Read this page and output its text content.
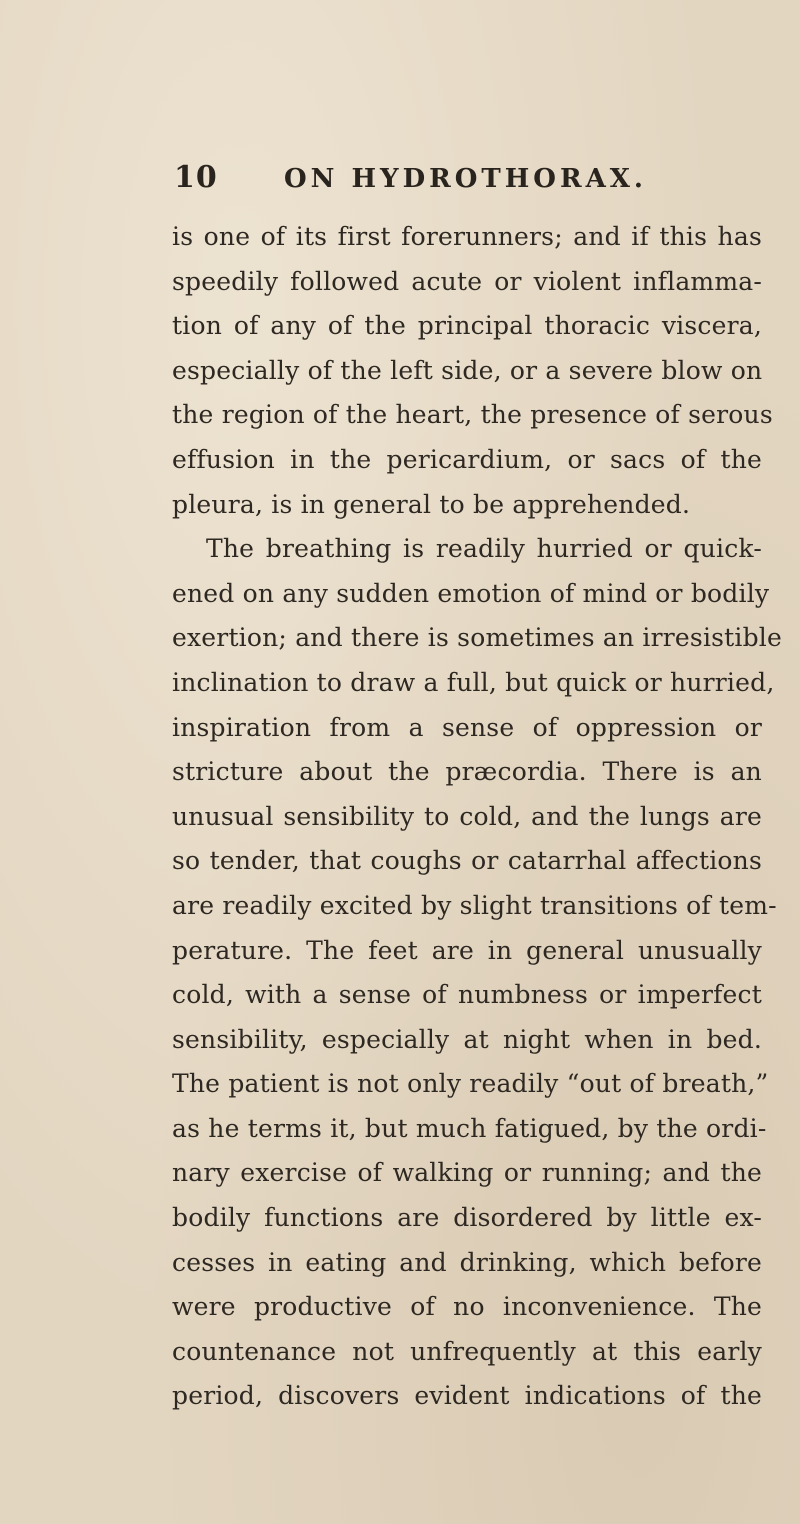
10	ON HYDROTHORAX.
is one of its first forerunners; and if this has
speedily followed acute or violent inflamma-
tion of any of the principal thoracic viscera,
especially of the left side, or a severe blow on
the region of the heart, the presence of serous
effusion in the pericardium, or sacs of the
pleura, is in general to be apprehended.
The breathing is readily hurried or quick-
ened on any sudden emotion of mind or bodily
exertion; and there is sometimes an irresistible
inclination to draw a full, but quick or hurried,
inspiration from a sense of oppression or
stricture about the præcordia. There is an
unusual sensibility to cold, and the lungs are
so tender, that coughs or catarrhal affections
are readily excited by slight transitions of tem-
perature. The feet are in general unusually
cold, with a sense of numbness or imperfect
sensibility, especially at night when in bed.
The patient is not only readily “out of breath,”
as he terms it, but much fatigued, by the ordi-
nary exercise of walking or running; and the
bodily functions are disordered by little ex-
cesses in eating and drinking, which before
were productive of no inconvenience. The
countenance not unfrequently at this early
period, discovers evident indications of the
